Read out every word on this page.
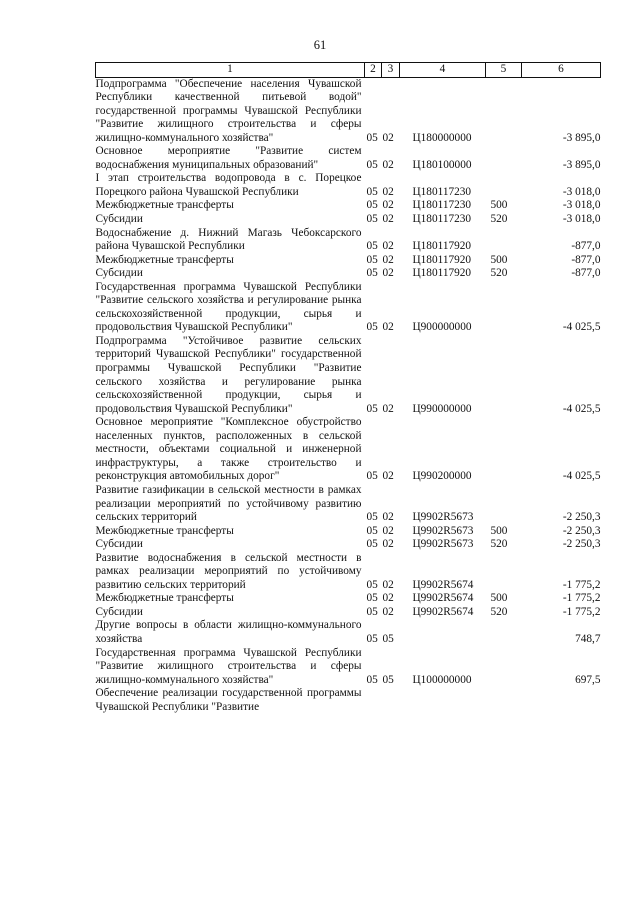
61
1	2	3	4	5	6
Подпрограмма "Обеспечение населения Чувашской Республики качественной питьевой водой" государственной программы Чувашской Республики "Развитие жилищного строительства и сферы жилищно-коммунального хозяйства"	05	02	Ц180000000		-3 895,0
Основное мероприятие "Развитие систем водоснабжения муниципальных образований"	05	02	Ц180100000		-3 895,0
I этап строительства водопровода в с. Порецкое Порецкого района Чувашской Республики	05	02	Ц180117230		-3 018,0
Межбюджетные трансферты	05	02	Ц180117230	500	-3 018,0
Субсидии	05	02	Ц180117230	520	-3 018,0
Водоснабжение д. Нижний Магазь Чебоксарского района Чувашской Республики	05	02	Ц180117920		-877,0
Межбюджетные трансферты	05	02	Ц180117920	500	-877,0
Субсидии	05	02	Ц180117920	520	-877,0
Государственная программа Чувашской Республики "Развитие сельского хозяйства и регулирование рынка сельскохозяйственной продукции, сырья и продовольствия Чувашской Республики"	05	02	Ц900000000		-4 025,5
Подпрограмма "Устойчивое развитие сельских территорий Чувашской Республики" государственной программы Чувашской Республики "Развитие сельского хозяйства и регулирование рынка сельскохозяйственной продукции, сырья и продовольствия Чувашской Республики"	05	02	Ц990000000		-4 025,5
Основное мероприятие "Комплексное обустройство населенных пунктов, расположенных в сельской местности, объектами социальной и инженерной инфраструктуры, а также строительство и реконструкция автомобильных дорог"	05	02	Ц990200000		-4 025,5
Развитие газификации в сельской местности в рамках реализации мероприятий по устойчивому развитию сельских территорий	05	02	Ц9902R5673		-2 250,3
Межбюджетные трансферты	05	02	Ц9902R5673	500	-2 250,3
Субсидии	05	02	Ц9902R5673	520	-2 250,3
Развитие водоснабжения в сельской местности в рамках реализации мероприятий по устойчивому развитию сельских территорий	05	02	Ц9902R5674		-1 775,2
Межбюджетные трансферты	05	02	Ц9902R5674	500	-1 775,2
Субсидии	05	02	Ц9902R5674	520	-1 775,2
Другие вопросы в области жилищно-коммунального хозяйства	05	05			748,7
Государственная программа Чувашской Республики "Развитие жилищного строительства и сферы жилищно-коммунального хозяйства"	05	05	Ц100000000		697,5
Обеспечение реализации государственной программы Чувашской Республики "Развитие					
